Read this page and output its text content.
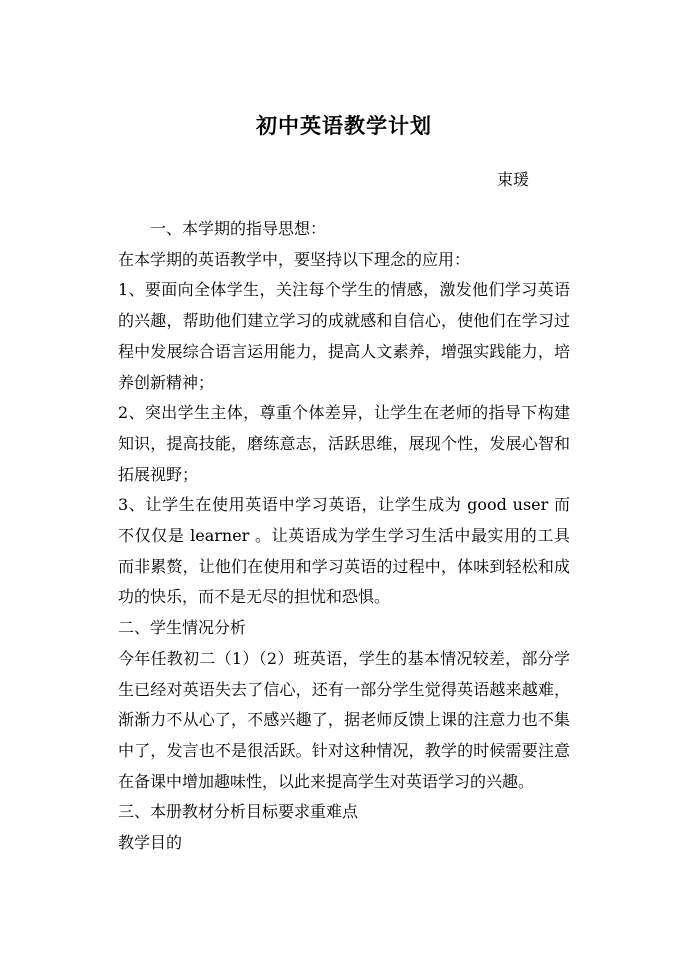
初中英语教学计划
束瑗

一、本学期的指导思想：

在本学期的英语教学中，要坚持以下理念的应用：

1、要面向全体学生，关注每个学生的情感，激发他们学习英语的兴趣，帮助他们建立学习的成就感和自信心，使他们在学习过程中发展综合语言运用能力，提高人文素养，增强实践能力，培养创新精神；

2、突出学生主体，尊重个体差异，让学生在老师的指导下构建知识，提高技能，磨练意志，活跃思维，展现个性，发展心智和拓展视野；

3、让学生在使用英语中学习英语，让学生成为 good user 而不仅仅是 learner 。让英语成为学生学习生活中最实用的工具而非累赘，让他们在使用和学习英语的过程中，体味到轻松和成功的快乐，而不是无尽的担忧和恐惧。

二、学生情况分析

今年任教初二（1）（2）班英语，学生的基本情况较差，部分学生已经对英语失去了信心，还有一部分学生觉得英语越来越难，渐渐力不从心了，不感兴趣了，据老师反馈上课的注意力也不集中了，发言也不是很活跃。针对这种情况，教学的时候需要注意在备课中增加趣味性，以此来提高学生对英语学习的兴趣。

三、本册教材分析目标要求重难点

教学目的
